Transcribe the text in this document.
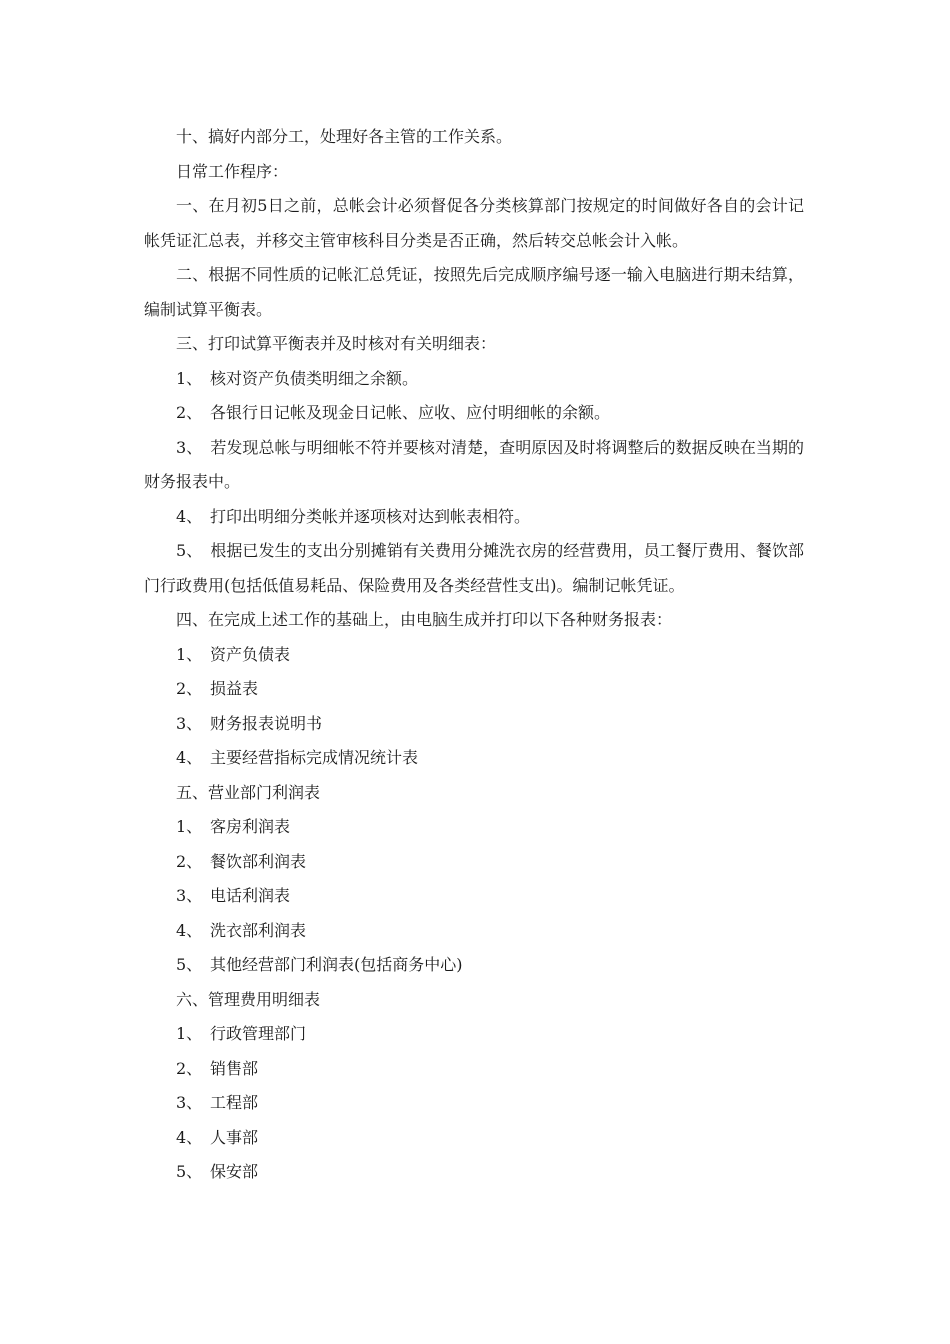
十、搞好内部分工，处理好各主管的工作关系。

日常工作程序：

一、在月初5日之前，总帐会计必须督促各分类核算部门按规定的时间做好各自的会计记帐凭证汇总表，并移交主管审核科目分类是否正确，然后转交总帐会计入帐。

二、根据不同性质的记帐汇总凭证，按照先后完成顺序编号逐一输入电脑进行期未结算，编制试算平衡表。

三、打印试算平衡表并及时核对有关明细表：

1、 核对资产负债类明细之余额。

2、 各银行日记帐及现金日记帐、应收、应付明细帐的余额。

3、　若发现总帐与明细帐不符并要核对清楚，查明原因及时将调整后的数据反映在当期的财务报表中。

4、 打印出明细分类帐并逐项核对达到帐表相符。

5、　根据已发生的支出分别摊销有关费用分摊洗衣房的经营费用，员工餐厅费用、餐饮部门行政费用(包括低值易耗品、保险费用及各类经营性支出)。编制记帐凭证。

四、在完成上述工作的基础上，由电脑生成并打印以下各种财务报表：

1、 资产负债表

2、 损益表

3、 财务报表说明书

4、 主要经营指标完成情况统计表

五、营业部门利润表

1、 客房利润表

2、 餐饮部利润表

3、 电话利润表

4、 洗衣部利润表

5、 其他经营部门利润表(包括商务中心)

六、管理费用明细表

1、 行政管理部门

2、 销售部

3、 工程部

4、 人事部

5、 保安部
